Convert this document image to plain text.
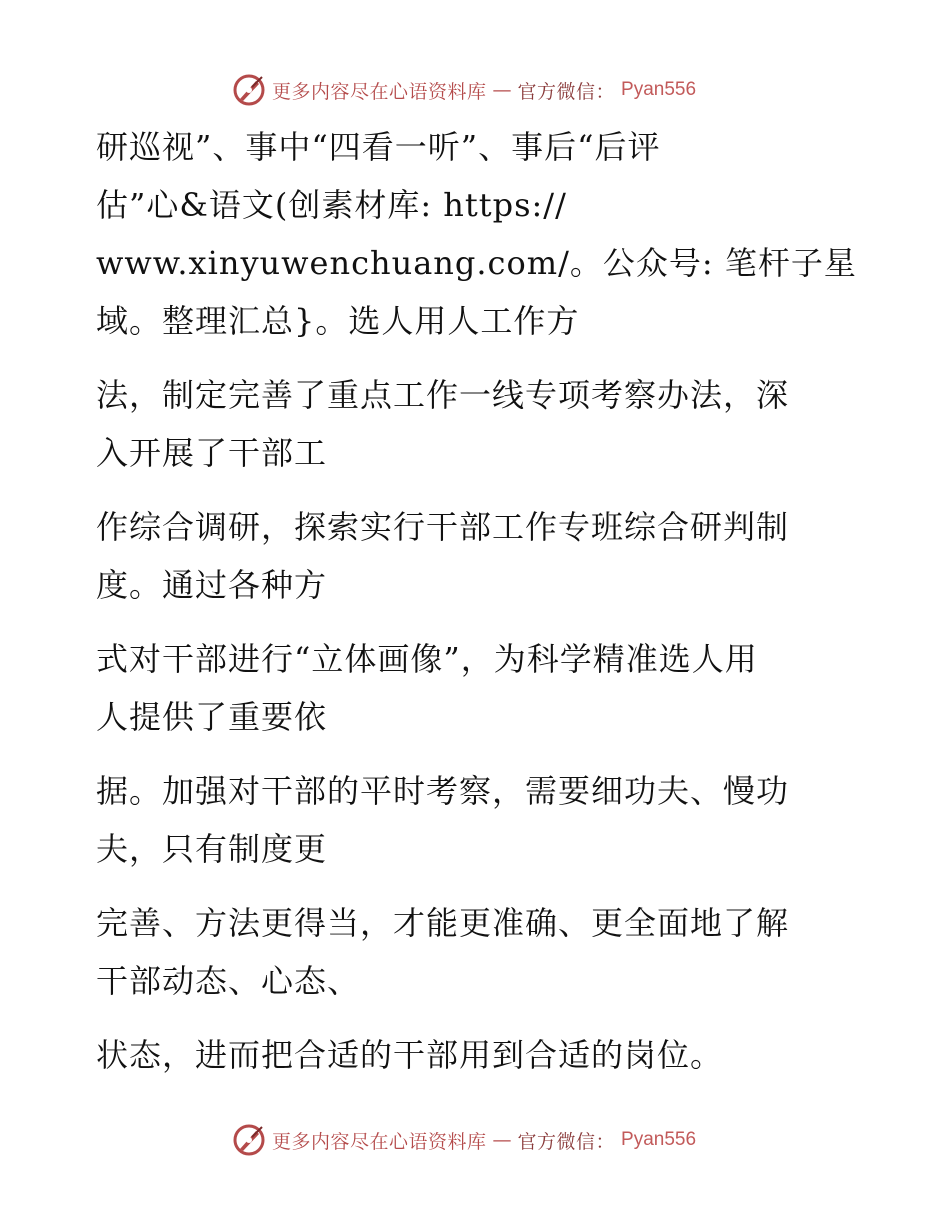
更多内容尽在心语资料库 — 官方微信： Pyan556

研巡视”、事中“四看一听”、事后“后评
估”心&语文(创素材库: https://
www.xinyuwenchuang.com/。公众号: 笔杆子星
域。整理汇总}。选人用人工作方

法，制定完善了重点工作一线专项考察办法，深
入开展了干部工

作综合调研，探索实行干部工作专班综合研判制
度。通过各种方

式对干部进行“立体画像”，为科学精准选人用
人提供了重要依

据。加强对干部的平时考察，需要细功夫、慢功
夫，只有制度更

完善、方法更得当，才能更准确、更全面地了解
干部动态、心态、

状态，进而把合适的干部用到合适的岗位。

更多内容尽在心语资料库 — 官方微信： Pyan556
